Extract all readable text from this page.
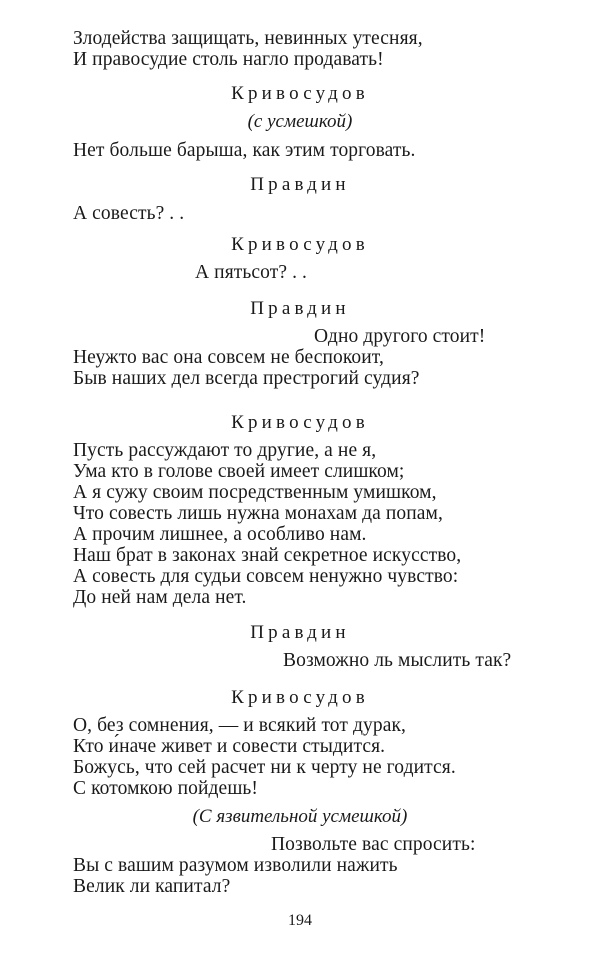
Злодейства защищать, невинных утесняя,
И правосудие столь нагло продавать!
Кривосудов
(с усмешкой)
Нет больше барыша, как этим торговать.
Правдин
А совесть? . .
Кривосудов
А пятьсот? . .
Правдин
Одно другого стоит!
Неужто вас она совсем не беспокоит,
Быв наших дел всегда престрогий судия?
Кривосудов
Пусть рассуждают то другие, а не я,
Ума кто в голове своей имеет слишком;
А я сужу своим посредственным умишком,
Что совесть лишь нужна монахам да попам,
А прочим лишнее, а особливо нам.
Наш брат в законах знай секретное искусство,
А совесть для судьи совсем ненужно чувство:
До ней нам дела нет.
Правдин
Возможно ль мыслить так?
Кривосудов
О, без сомнения, — и всякий тот дурак,
Кто и́наче живет и совести стыдится.
Божусь, что сей расчет ни к черту не годится.
С котомкою пойдешь!
(С язвительной усмешкой)
Позвольте вас спросить:
Вы с вашим разумом изволили нажить
Велик ли капитал?
194
